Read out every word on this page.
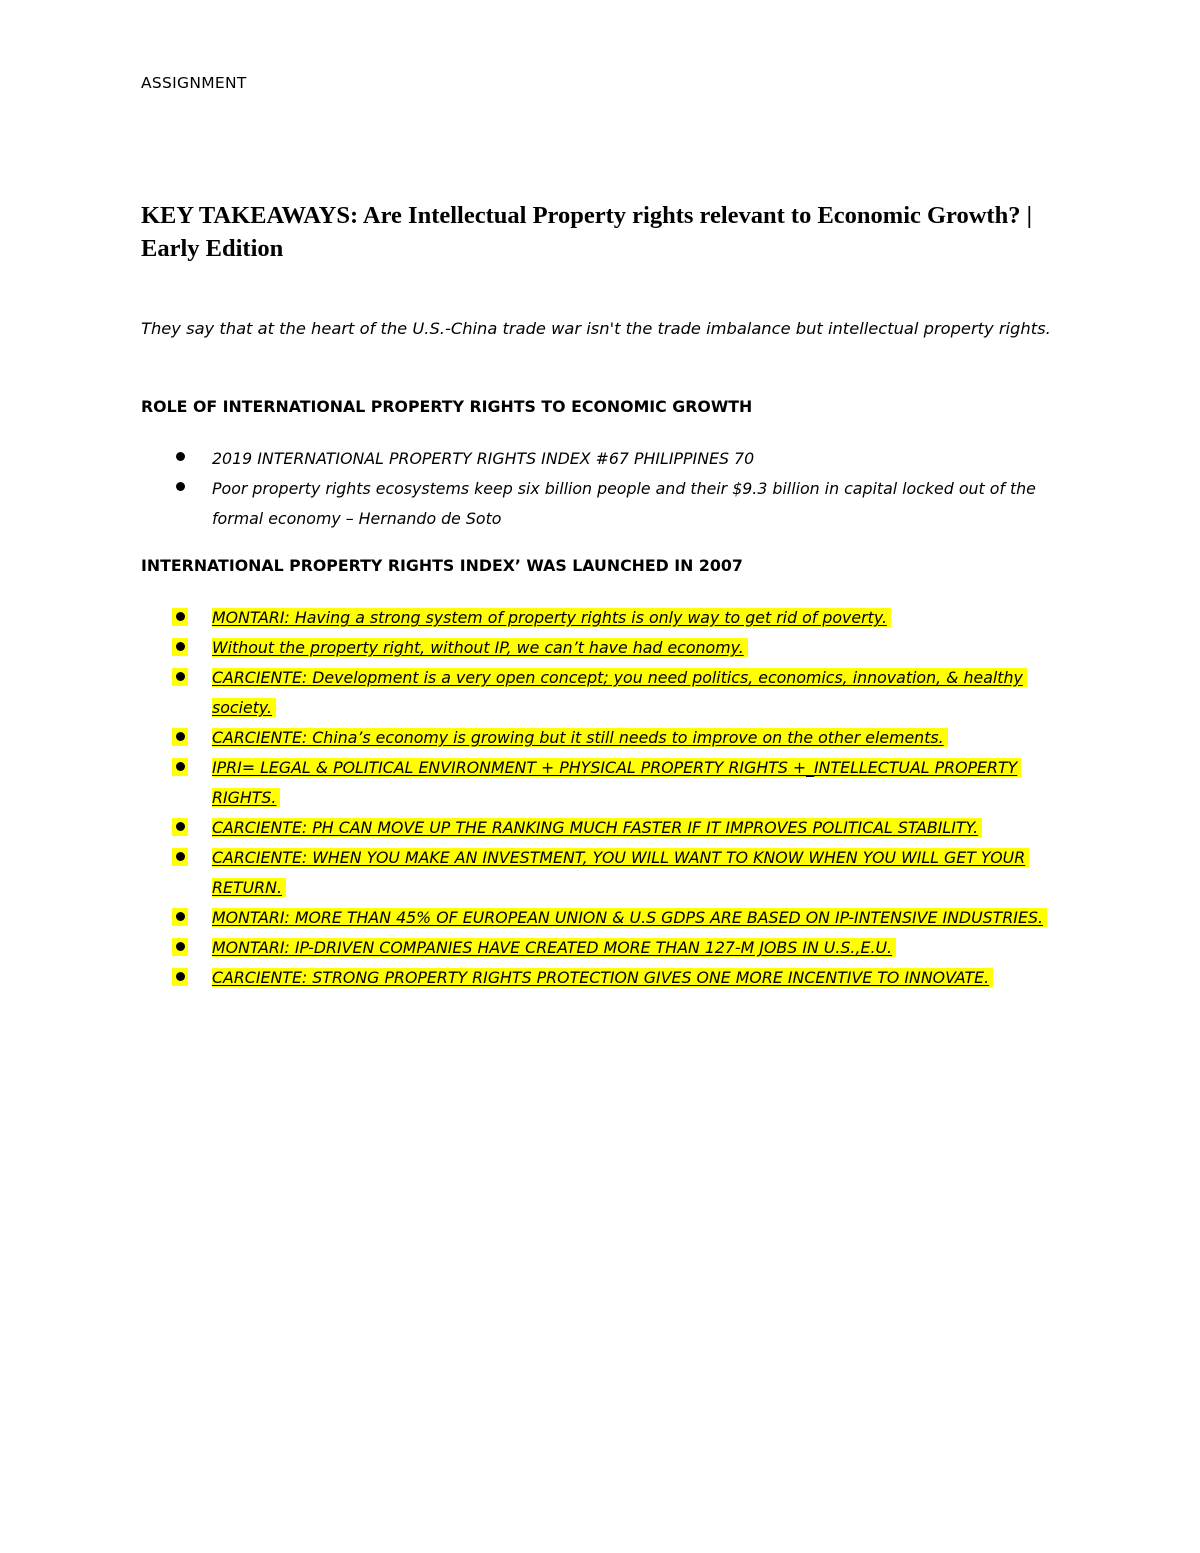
ASSIGNMENT
KEY TAKEAWAYS: Are Intellectual Property rights relevant to Economic Growth? | Early Edition

They say that at the heart of the U.S.-China trade war isn't the trade imbalance but intellectual property rights.

ROLE OF INTERNATIONAL PROPERTY RIGHTS TO ECONOMIC GROWTH
2019 INTERNATIONAL PROPERTY RIGHTS INDEX #67 PHILIPPINES 70
Poor property rights ecosystems keep six billion people and their $9.3 billion in capital locked out of the formal economy – Hernando de Soto
INTERNATIONAL PROPERTY RIGHTS INDEX’ WAS LAUNCHED IN 2007
MONTARI: Having a strong system of property rights is only way to get rid of poverty.
Without the property right, without IP, we can’t have had economy.
CARCIENTE: Development is a very open concept; you need politics, economics, innovation, & healthy society.
CARCIENTE: China’s economy is growing but it still needs to improve on the other elements.
IPRI= LEGAL & POLITICAL ENVIRONMENT + PHYSICAL PROPERTY RIGHTS +_INTELLECTUAL PROPERTY RIGHTS.
CARCIENTE: PH CAN MOVE UP THE RANKING MUCH FASTER IF IT IMPROVES POLITICAL STABILITY.
CARCIENTE: WHEN YOU MAKE AN INVESTMENT, YOU WILL WANT TO KNOW WHEN YOU WILL GET YOUR RETURN.
MONTARI: MORE THAN 45% OF EUROPEAN UNION & U.S GDPS ARE BASED ON IP-INTENSIVE INDUSTRIES.
MONTARI: IP-DRIVEN COMPANIES HAVE CREATED MORE THAN 127-M JOBS IN U.S.,E.U.
CARCIENTE: STRONG PROPERTY RIGHTS PROTECTION GIVES ONE MORE INCENTIVE TO INNOVATE.
